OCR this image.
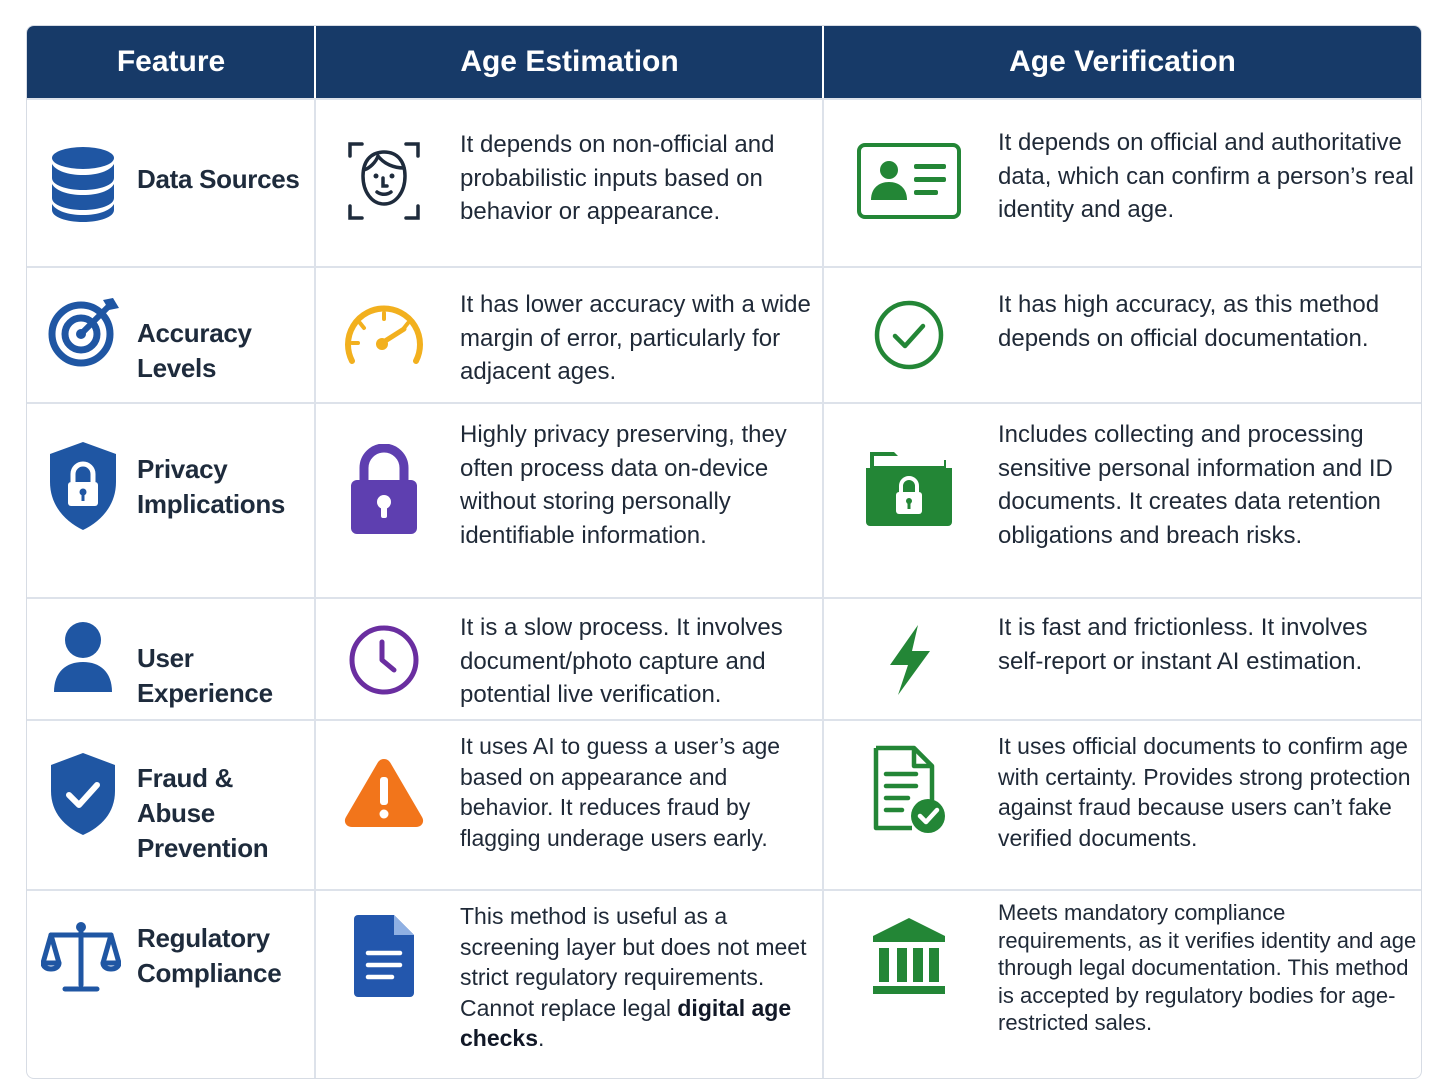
Feature	Age Estimation	Age Verification
Data Sources
It depends on non-official and probabilistic inputs based on behavior or appearance.
It depends on official and authoritative data, which can confirm a person’s real identity and age.
Accuracy Levels
It has lower accuracy with a wide margin of error, particularly for adjacent ages.
It has high accuracy, as this method depends on official documentation.
Privacy
Implications
Highly privacy preserving, they often process data on-device without storing personally identifiable information.
Includes collecting and processing sensitive personal information and ID documents. It creates data retention obligations and breach risks.
User Experience
It is a slow process. It involves document/photo capture and potential live verification.
It is fast and frictionless. It involves self-report or instant AI estimation.
Fraud & Abuse
Prevention
It uses AI to guess a user’s age based on appearance and behavior. It reduces fraud by flagging underage users early.
It uses official documents to confirm age with certainty. Provides strong protection against fraud because users can’t fake verified documents.
Regulatory
Compliance
This method is useful as a screening layer but does not meet strict regulatory requirements. Cannot replace legal digital age checks.
Meets mandatory compliance requirements, as it verifies identity and age through legal documentation. This method is accepted by regulatory bodies for age-restricted sales.
